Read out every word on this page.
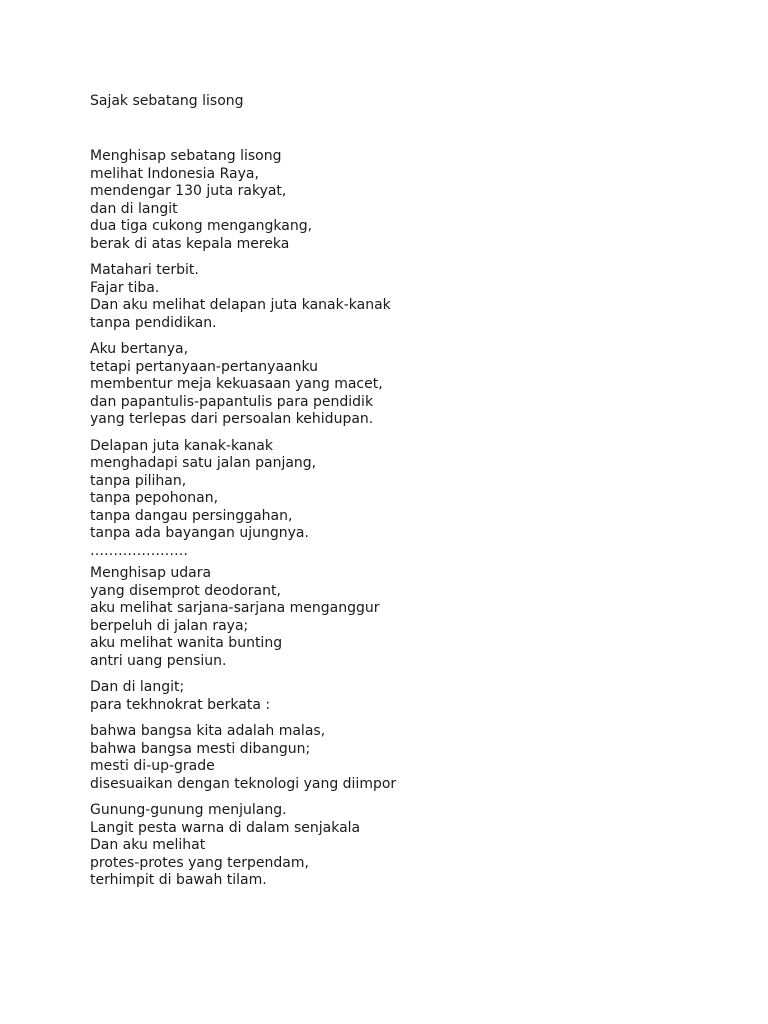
Sajak sebatang lisong
Menghisap sebatang lisong
melihat Indonesia Raya,
mendengar 130 juta rakyat,
dan di langit
dua tiga cukong mengangkang,
berak di atas kepala mereka
Matahari terbit.
Fajar tiba.
Dan aku melihat delapan juta kanak-kanak
tanpa pendidikan.
Aku bertanya,
tetapi pertanyaan-pertanyaanku
membentur meja kekuasaan yang macet,
dan papantulis-papantulis para pendidik
yang terlepas dari persoalan kehidupan.
Delapan juta kanak-kanak
menghadapi satu jalan panjang,
tanpa pilihan,
tanpa pepohonan,
tanpa dangau persinggahan,
tanpa ada bayangan ujungnya.
…………………
Menghisap udara
yang disemprot deodorant,
aku melihat sarjana-sarjana menganggur
berpeluh di jalan raya;
aku melihat wanita bunting
antri uang pensiun.
Dan di langit;
para tekhnokrat berkata :
bahwa bangsa kita adalah malas,
bahwa bangsa mesti dibangun;
mesti di-up-grade
disesuaikan dengan teknologi yang diimpor
Gunung-gunung menjulang.
Langit pesta warna di dalam senjakala
Dan aku melihat
protes-protes yang terpendam,
terhimpit di bawah tilam.
